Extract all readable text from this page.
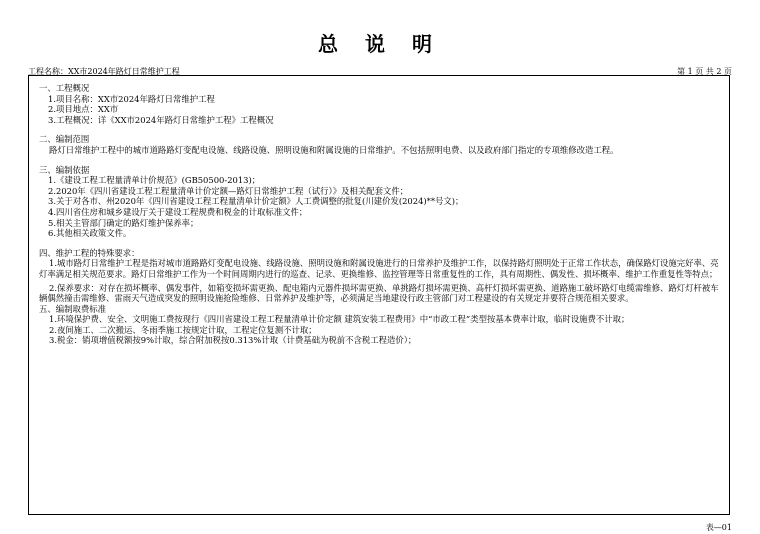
总 说 明
工程名称：XX市2024年路灯日常维护工程	第 1 页 共 2 页
一、工程概况
1.项目名称：XX市2024年路灯日常维护工程
2.项目地点：XX市
3.工程概况：详《XX市2024年路灯日常维护工程》工程概况
二、编制范围
路灯日常维护工程中的城市道路路灯变配电设施、线路设施、照明设施和附属设施的日常维护。不包括照明电费、以及政府部门指定的专项维修改造工程。
三、编制依据
1.《建设工程工程量清单计价规范》(GB50500-2013)；
2.2020年《四川省建设工程工程量清单计价定额—路灯日常维护工程（试行）》及相关配套文件；
3.关于对各市、州2020年《四川省建设工程工程量清单计价定额》人工费调整的批复(川建价发(2024)**号文)；
4.四川省住房和城乡建设厅关于建设工程规费和税金的计取标准文件；
5.相关主管部门确定的路灯维护保养率；
6.其他相关政策文件。
四、维护工程的特殊要求：
1.城市路灯日常维护工程是指对城市道路路灯变配电设施、线路设施、照明设施和附属设施进行的日常养护及维护工作，以保持路灯照明处于正常工作状态，确保路灯设施完好率、亮灯率满足相关规范要求。路灯日常维护工作为一个时间周期内进行的巡查、记录、更换维修、监控管理等日常重复性的工作，具有周期性、偶发性、损坏概率、维护工作重复性等特点；
2.保养要求：对存在损坏概率、偶发事件，如箱变损坏需更换、配电箱内元器件损坏需更换、单挑路灯损坏需更换、高杆灯损坏需更换、道路施工破坏路灯电缆需维修、路灯灯杆被车辆偶然撞击需维修、雷雨天气造成突发的照明设施抢险维修、日常养护及维护等，必须满足当地建设行政主管部门对工程建设的有关规定并要符合规范相关要求。
五、编制取费标准
1.环境保护费、安全、文明施工费按现行《四川省建设工程工程量清单计价定额 建筑安装工程费用》中“市政工程”类型按基本费率计取，临时设施费不计取；
2.夜间施工、二次搬运、冬雨季施工按规定计取，工程定位复测不计取；
3.税金：销项增值税额按9%计取，综合附加税按0.313%计取（计费基础为税前不含税工程造价）；
表—01
